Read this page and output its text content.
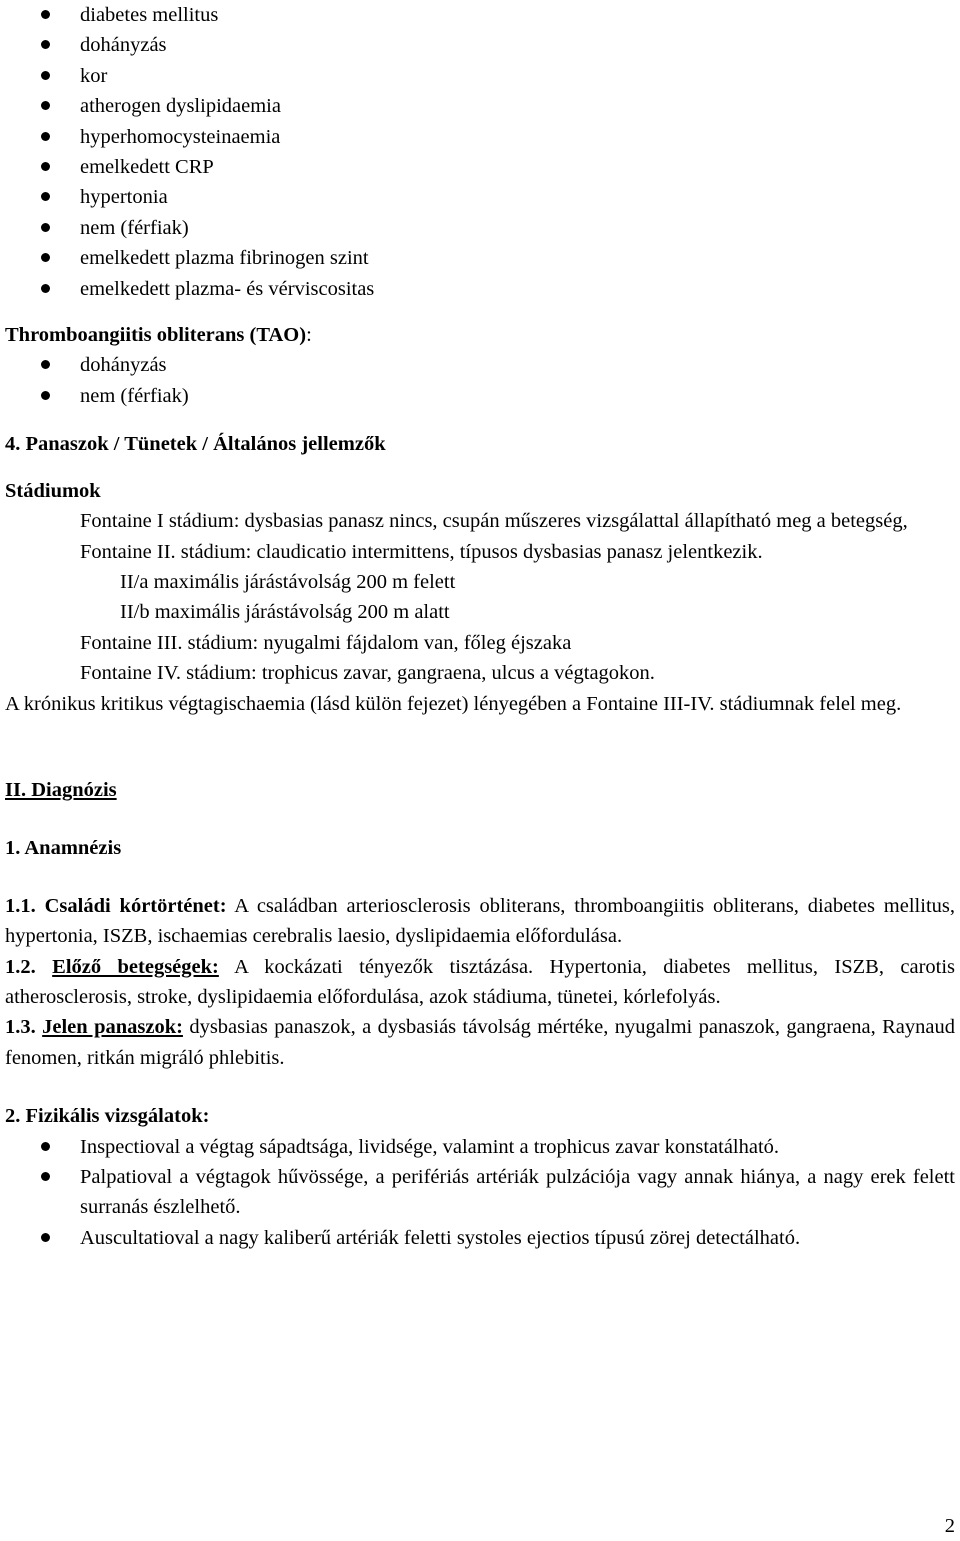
diabetes mellitus
dohányzás
kor
atherogen dyslipidaemia
hyperhomocysteinaemia
emelkedett CRP
hypertonia
nem (férfiak)
emelkedett plazma fibrinogen szint
emelkedett plazma- és vérviscositas

Thromboangiitis obliterans (TAO):

dohányzás
nem (férfiak)

4. Panaszok / Tünetek / Általános jellemzők

Stádiumok

Fontaine I stádium: dysbasias panasz nincs, csupán műszeres vizsgálattal állapítható meg a betegség,

Fontaine II. stádium: claudicatio intermittens, típusos dysbasias panasz jelentkezik.

II/a maximális járástávolság 200 m felett

II/b maximális járástávolság 200 m alatt

Fontaine III. stádium: nyugalmi fájdalom van, főleg éjszaka

Fontaine IV. stádium: trophicus zavar, gangraena, ulcus a végtagokon.

A krónikus kritikus végtagischaemia (lásd külön fejezet) lényegében a Fontaine III-IV. stádiumnak felel meg.

II. Diagnózis

1. Anamnézis

1.1. Családi kórtörténet: A családban arteriosclerosis obliterans, thromboangiitis obliterans, diabetes mellitus, hypertonia, ISZB, ischaemias cerebralis laesio, dyslipidaemia előfordulása.

1.2. Előző betegségek: A kockázati tényezők tisztázása. Hypertonia, diabetes mellitus, ISZB, carotis atherosclerosis, stroke, dyslipidaemia előfordulása, azok stádiuma, tünetei, kórlefolyás.

1.3. Jelen panaszok: dysbasias panaszok, a dysbasiás távolság mértéke, nyugalmi panaszok, gangraena, Raynaud fenomen, ritkán migráló phlebitis.

2. Fizikális vizsgálatok:

Inspectioval a végtag sápadtsága, lividsége, valamint a trophicus zavar konstatálható.
Palpatioval a végtagok hűvössége, a perifériás artériák pulzációja vagy annak hiánya, a nagy erek felett surranás észlelhető.
Auscultatioval a nagy kaliberű artériák feletti systoles ejectios típusú zörej detectálható.
2
